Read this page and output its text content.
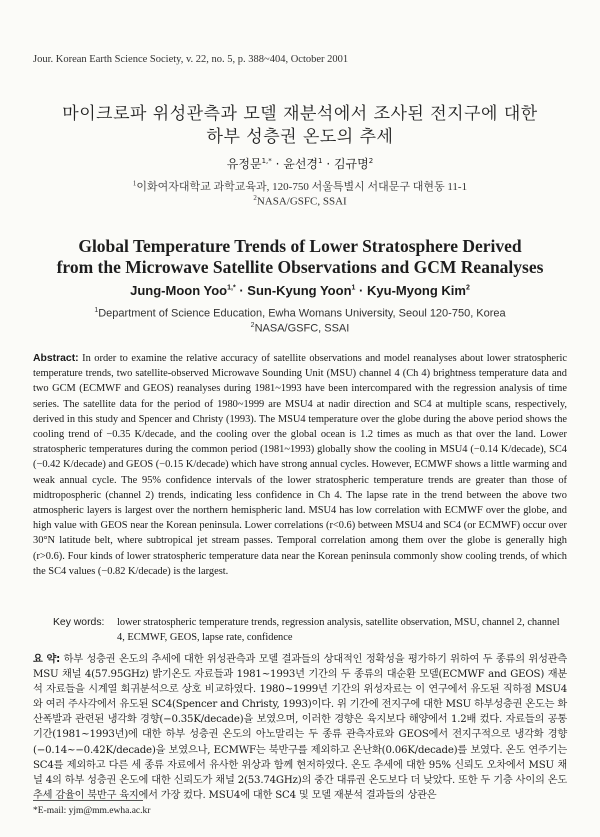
Jour. Korean Earth Science Society, v. 22, no. 5, p. 388~404, October 2001
마이크로파 위성관측과 모델 재분석에서 조사된 전지구에 대한
하부 성층권 온도의 추세
유정문$^{1,*}$ · 윤선경$^1$ · 김규명$^2$
$^1$이화여자대학교 과학교육과, 120-750 서울특별시 서대문구 대현동 11-1
$^2$NASA/GSFC, SSAI
Global Temperature Trends of Lower Stratosphere Derived
from the Microwave Satellite Observations and GCM Reanalyses
Jung-Moon Yoo$^{1,*}$ · Sun-Kyung Yoon$^1$ · Kyu-Myong Kim$^2$
$^1$Department of Science Education, Ewha Womans University, Seoul 120-750, Korea
$^2$NASA/GSFC, SSAI

Abstract: In order to examine the relative accuracy of satellite observations and model reanalyses about lower stratospheric temperature trends, two satellite-observed Microwave Sounding Unit (MSU) channel 4 (Ch 4) brightness temperature data and two GCM (ECMWF and GEOS) reanalyses during 1981~1993 have been intercompared with the regression analysis of time series. The satellite data for the period of 1980~1999 are MSU4 at nadir direction and SC4 at multiple scans, respectively, derived in this study and Spencer and Christy (1993). The MSU4 temperature over the globe during the above period shows the cooling trend of −0.35 K/decade, and the cooling over the global ocean is 1.2 times as much as that over the land. Lower stratospheric temperatures during the common period (1981~1993) globally show the cooling in MSU4 (−0.14 K/decade), SC4 (−0.42 K/decade) and GEOS (−0.15 K/decade) which have strong annual cycles. However, ECMWF shows a little warming and weak annual cycle. The 95% confidence intervals of the lower stratospheric temperature trends are greater than those of midtropospheric (channel 2) trends, indicating less confidence in Ch 4. The lapse rate in the trend between the above two atmospheric layers is largest over the northern hemispheric land. MSU4 has low correlation with ECMWF over the globe, and high value with GEOS near the Korean peninsula. Lower correlations (r<0.6) between MSU4 and SC4 (or ECMWF) occur over 30°N latitude belt, where subtropical jet stream passes. Temporal correlation among them over the globe is generally high (r>0.6). Four kinds of lower stratospheric temperature data near the Korean peninsula commonly show cooling trends, of which the SC4 values (−0.82 K/decade) is the largest.

Key words: lower stratospheric temperature trends, regression analysis, satellite observation, MSU, channel 2, channel 4, ECMWF, GEOS, lapse rate, confidence

요 약: 하부 성층권 온도의 추세에 대한 위성관측과 모델 결과들의 상대적인 정확성을 평가하기 위하여 두 종류의 위성관측 MSU 채널 4(57.95GHz) 밝기온도 자료들과 1981~1993년 기간의 두 종류의 대순환 모델(ECMWF and GEOS) 재분석 자료들을 시계열 회귀분석으로 상호 비교하였다. 1980~1999년 기간의 위성자료는 이 연구에서 유도된 직하점 MSU4와 여러 주사각에서 유도된 SC4(Spencer and Christy, 1993)이다. 위 기간에 전지구에 대한 MSU 하부성층권 온도는 화산폭발과 관련된 냉각화 경향(−0.35K/decade)을 보였으며, 이러한 경향은 육지보다 해양에서 1.2배 컸다. 자료들의 공통 기간(1981~1993년)에 대한 하부 성층권 온도의 아노말리는 두 종류 관측자료와 GEOS에서 전지구적으로 냉각화 경향(−0.14~−0.42K/decade)을 보였으나, ECMWF는 북반구를 제외하고 온난화(0.06K/decade)를 보였다. 온도 연주기는 SC4를 제외하고 다른 세 종류 자료에서 유사한 위상과 함께 현저하였다. 온도 추세에 대한 95% 신뢰도 오차에서 MSU 채널 4의 하부 성층권 온도에 대한 신뢰도가 채널 2(53.74GHz)의 중간 대류권 온도보다 더 낮았다. 또한 두 기층 사이의 온도 추세 감율이 북반구 육지에서 가장 컸다. MSU4에 대한 SC4 및 모델 재분석 결과들의 상관은

*E-mail: yjm@mm.ewha.ac.kr
